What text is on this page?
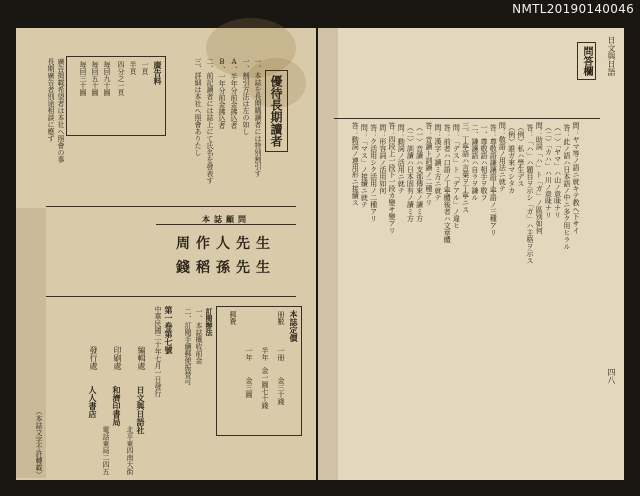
NMTL20190140046
廣告料
一頁
半頁
四分之一頁
毎回九十圓
毎回五十圓
毎回三十圓
長期廣告者別途相談に應ず 廣告掲載希望者は本社へ照會の事	優待長期讀者
一、本誌を長期購讀者には特別割引す
一、割引方法は左の如し
A、半年分前金拂込者
B、一年分前金拂込者
二、前記讀者には誌上にて氏名を發表す
三、詳細は本社へ照會ありたし
本誌顧問
周作人先生
錢稻孫先生
本誌定價
冊數
一冊
金三十錢
半年
金一圓七十錢
一年
金三圓
郵費
訂閱辦法
一、本誌概收前金
二、訂閱手續郵便振替可
第一卷第七號
中華民國二十年七月一日發行
編輯處
日文與日語社
印刷處
和濟印書局
發行處
人人書店
北平東四南大街
電話東局二四五
（本誌文字不許轉載）
日文與日語
四八
問答欄
問：ヤマ等ノ語ニ就キテ教ヘ下サイ
答：此ノ語ハ日本語ノ中ニ多ク用ヒラル
（一）「ヤマ」ハ山ノ意味ナリ
（二）「カハ」ハ川ノ意味ナリ
問：助詞「ハ」ト「ガ」ノ區別如何
答：「ハ」ハ題目ヲ示シ「ガ」ハ主格ヲ示ス
（例）私ハ學生デス
（例）誰ガ來マシタカ
問：敬語ノ用法ニ就テ
答：尊敬語謙讓語丁寧語ノ三種アリ
一、尊敬語ハ相手ヲ敬フ
二、謙讓語ハ自ラヲ謙ル
三、丁寧語ハ言葉ヲ丁寧ニス
問：「デス」ト「デアル」ノ違ヒ
答：前者ハ口語ノ丁寧體後者ハ文章體
問：漢字ノ讀ミ方ニ就テ
答：音讀ト訓讀ノ二種アリ
（一）音讀ハ支那傳來ノ讀ミ方
（二）訓讀ハ日本固有ノ讀ミ方
問：動詞ノ活用ニ就テ
答：四段上一段下一段カ變サ變アリ
問：形容詞ノ活用如何
答：ク活用シク活用ノ二種アリ
問：「マス」ノ接續ニ就テ
答：動詞ノ連用形ニ接續ス
